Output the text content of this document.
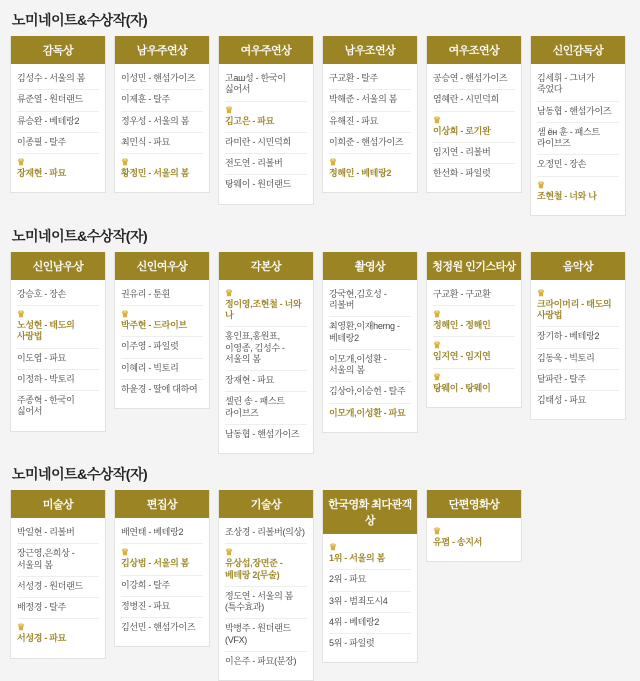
노미네이트&수상작(자)
감독상
김성수 - 서울의 봄
류준열 - 원더랜드
류승완 - 베테랑2
이종필 - 탈주
♛
장재현 - 파묘
남우주연상
이성민 - 핸섬가이즈
이제훈 - 탈주
정우성 - 서울의 봄
최민식 - 파묘
♛
황정민 - 서울의 봄
여우주연상
고аш성 - 한국이 싫어서
♛
김고은 - 파묘
라미란 - 시민덕희
전도연 - 리볼버
탕웨이 - 원더랜드
남우조연상
구교환 - 탈주
박해준 - 서울의 봄
유해진 - 파묘
이희준 - 핸섬가이즈
♛
정해인 - 베테랑2
여우조연상
공승연 - 핸섬가이즈
염혜란 - 시민덕희
♛
이상희 - 로기완
임지연 - 리볼버
한선화 - 파일럿
신인감독상
김세휘 - 그녀가 죽었다
남동협 - 핸섬가이즈
샘 ён 훈 - 패스트 라이브즈
오정민 - 장손
♛
조현철 - 너와 나
노미네이트&수상작(자)
신인남우상
강승호 - 장손
♛
노성현 - 태도의 사랑법
이도엽 - 파묘
이정하 - 박토리
주종혁 - 한국이 싫어서
신인여우상
권유리 - 툰휜
♛
박주현 - 드라이브
이주영 - 파일럿
이혜리 - 빅토리
하윤경 - 딸에 대하여
각본상
♛
정이영,조현철 - 너와 나
홍인표,홍원표,이영종, 김성수 - 서울의 봄
장재현 - 파묘
셀린 송 - 패스트 라이브즈
남동협 - 핸섬가이즈
촬영상
강국현,김호성 - 리볼버
최영환,이재herng - 베테랑2
이모개,이성환 - 서울의 봄
김상아,이승헌 - 탈주
이모개,이성환 - 파묘
청정원 인기스타상
구교환 - 구교환
♛
정해인 - 정해인
♛
임지연 - 임지연
♛
탕웨이 - 탕웨이
음악상
♛
크라이머리 - 태도의 사랑법
장기하 - 베테랑2
김동욱 - 빅토리
달파란 - 탈주
김태성 - 파묘
노미네이트&수상작(자)
미술상
박일현 - 리볼버
장근영,은희상 - 서울의 봄
서성경 - 원더랜드
배정경 - 탈주
♛
서성경 - 파묘
편집상
배연태 - 베테랑2
♛
김상범 - 서울의 봄
이강희 - 탈주
정병진 - 파묘
김선민 - 핸섬가이즈
기술상
조상경 - 리볼버(의상)
♛
유상섭,장면준 - 베테랑 2(무술)
정도연 - 서울의 봄(특수효과)
박병주 - 원더랜드(VFX)
이은주 - 파묘(분장)
한국영화 최다관객상
♛
1위 - 서울의 봄
2위 - 파묘
3위 - 범죄도시4
4위 - 베테랑2
5위 - 파일럿
단편영화상
♛
유폄 - 송지서
